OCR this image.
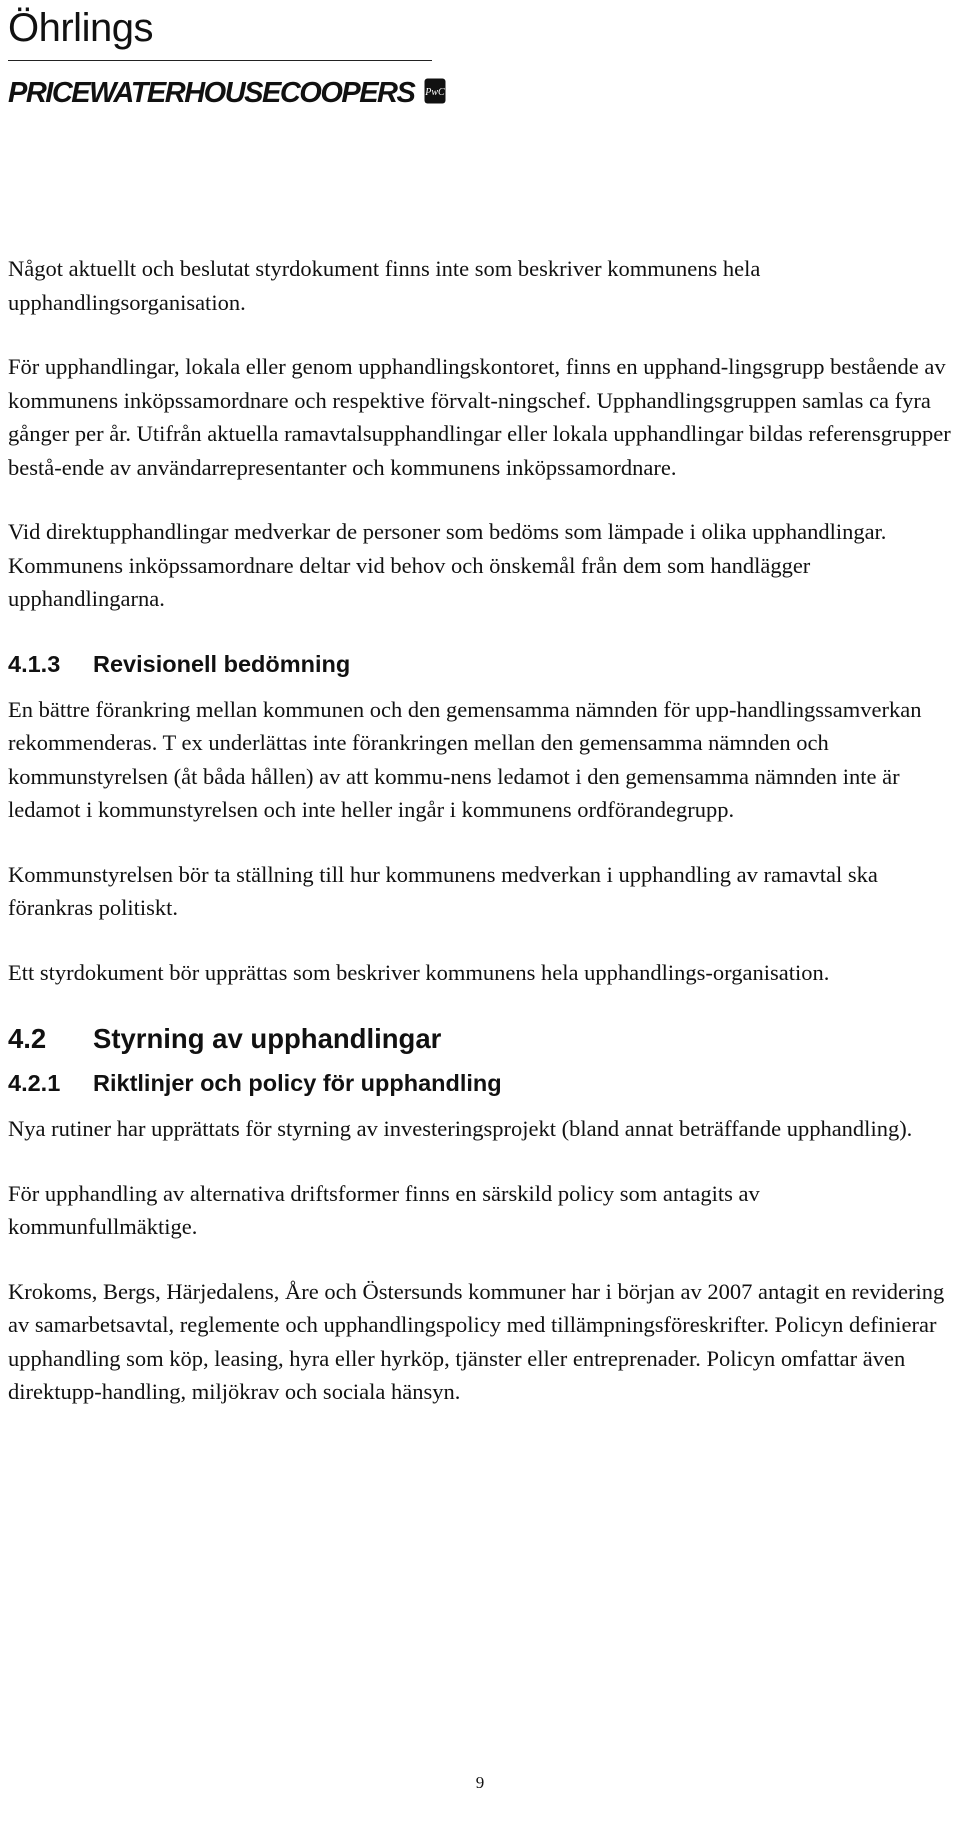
Öhrlings
PRICEWATERHOUSECOOPERS PwC

Något aktuellt och beslutat styrdokument finns inte som beskriver kommunens hela upphandlingsorganisation.

För upphandlingar, lokala eller genom upphandlingskontoret, finns en upphand-lingsgrupp bestående av kommunens inköpssamordnare och respektive förvalt-ningschef. Upphandlingsgruppen samlas ca fyra gånger per år. Utifrån aktuella ramavtalsupphandlingar eller lokala upphandlingar bildas referensgrupper bestå-ende av användarrepresentanter och kommunens inköpssamordnare.

Vid direktupphandlingar medverkar de personer som bedöms som lämpade i olika upphandlingar. Kommunens inköpssamordnare deltar vid behov och önskemål från dem som handlägger upphandlingarna.

4.1.3	Revisionell bedömning

En bättre förankring mellan kommunen och den gemensamma nämnden för upp-handlingssamverkan rekommenderas. T ex underlättas inte förankringen mellan den gemensamma nämnden och kommunstyrelsen (åt båda hållen) av att kommu-nens ledamot i den gemensamma nämnden inte är ledamot i kommunstyrelsen och inte heller ingår i kommunens ordförandegrupp.

Kommunstyrelsen bör ta ställning till hur kommunens medverkan i upphandling av ramavtal ska förankras politiskt.

Ett styrdokument bör upprättas som beskriver kommunens hela upphandlings-organisation.

4.2	Styrning av upphandlingar
4.2.1	Riktlinjer och policy för upphandling

Nya rutiner har upprättats för styrning av investeringsprojekt (bland annat beträffande upphandling).

För upphandling av alternativa driftsformer finns en särskild policy som antagits av kommunfullmäktige.

Krokoms, Bergs, Härjedalens, Åre och Östersunds kommuner har i början av 2007 antagit en revidering av samarbetsavtal, reglemente och upphandlingspolicy med tillämpningsföreskrifter. Policyn definierar upphandling som köp, leasing, hyra eller hyrköp, tjänster eller entreprenader. Policyn omfattar även direktupp-handling, miljökrav och sociala hänsyn.

9
